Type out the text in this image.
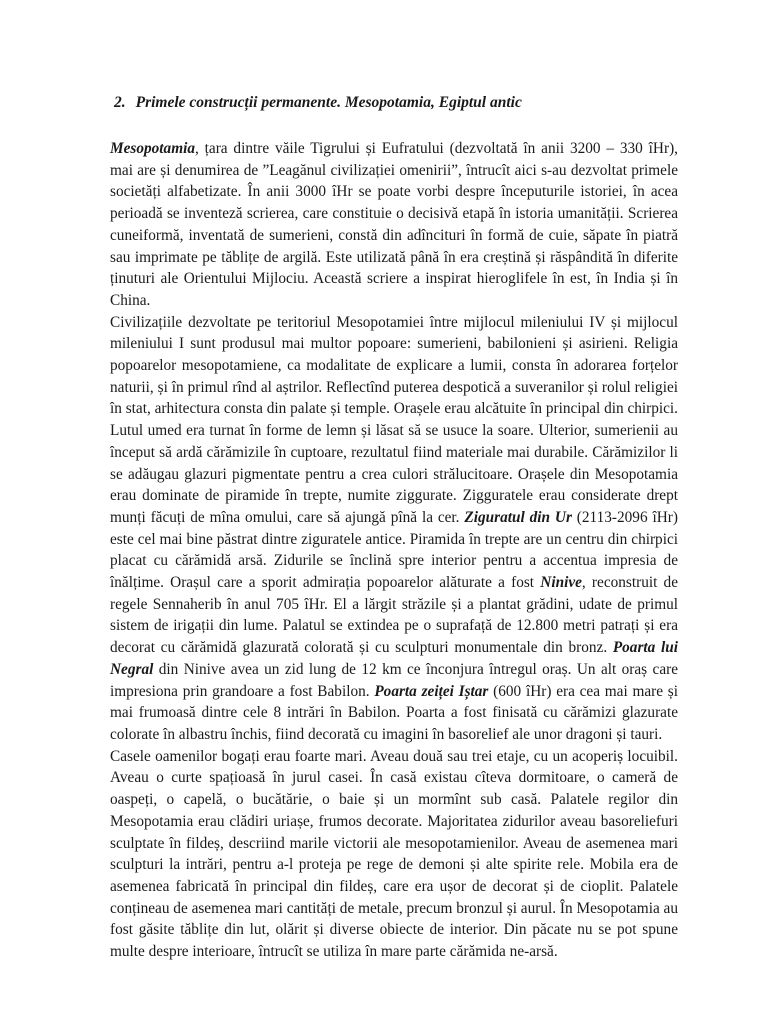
2. Primele construcții permanente. Mesopotamia, Egiptul antic

Mesopotamia, țara dintre văile Tigrului și Eufratului (dezvoltată în anii 3200 – 330 îHr), mai are și denumirea de ”Leagănul civilizației omenirii”, întrucît aici s-au dezvoltat primele societăți alfabetizate. În anii 3000 îHr se poate vorbi despre începuturile istoriei, în acea perioadă se inventeză scrierea, care constituie o decisivă etapă în istoria umanității. Scrierea cuneiformă, inventată de sumerieni, constă din adîncituri în formă de cuie, săpate în piatră sau imprimate pe tăblițe de argilă. Este utilizată până în era creștină și răspândită în diferite ținuturi ale Orientului Mijlociu. Această scriere a inspirat hieroglifele în est, în India și în China.

Civilizațiile dezvoltate pe teritoriul Mesopotamiei între mijlocul mileniului IV și mijlocul mileniului I sunt produsul mai multor popoare: sumerieni, babilonieni și asirieni. Religia popoarelor mesopotamiene, ca modalitate de explicare a lumii, consta în adorarea forțelor naturii, și în primul rînd al aștrilor. Reflectînd puterea despotică a suveranilor și rolul religiei în stat, arhitectura consta din palate și temple. Orașele erau alcătuite în principal din chirpici. Lutul umed era turnat în forme de lemn și lăsat să se usuce la soare. Ulterior, sumerienii au început să ardă cărămizile în cuptoare, rezultatul fiind materiale mai durabile. Cărămizilor li se adăugau glazuri pigmentate pentru a crea culori strălucitoare. Orașele din Mesopotamia erau dominate de piramide în trepte, numite ziggurate. Zigguratele erau considerate drept munți făcuți de mîna omului, care să ajungă pînă la cer. Ziguratul din Ur (2113-2096 îHr) este cel mai bine păstrat dintre ziguratele antice. Piramida în trepte are un centru din chirpici placat cu cărămidă arsă. Zidurile se înclină spre interior pentru a accentua impresia de înălțime. Orașul care a sporit admirația popoarelor alăturate a fost Ninive, reconstruit de regele Sennaherib în anul 705 îHr. El a lărgit străzile și a plantat grădini, udate de primul sistem de irigații din lume. Palatul se extindea pe o suprafață de 12.800 metri patrați și era decorat cu cărămidă glazurată colorată și cu sculpturi monumentale din bronz. Poarta lui Negral din Ninive avea un zid lung de 12 km ce înconjura întregul oraș. Un alt oraș care impresiona prin grandoare a fost Babilon. Poarta zeiței Iștar (600 îHr) era cea mai mare și mai frumoasă dintre cele 8 intrări în Babilon. Poarta a fost finisată cu cărămizi glazurate colorate în albastru închis, fiind decorată cu imagini în basorelief ale unor dragoni și tauri.

Casele oamenilor bogați erau foarte mari. Aveau două sau trei etaje, cu un acoperiș locuibil. Aveau o curte spațioasă în jurul casei. În casă existau cîteva dormitoare, o cameră de oaspeți, o capelă, o bucătărie, o baie și un mormînt sub casă. Palatele regilor din Mesopotamia erau clădiri uriașe, frumos decorate. Majoritatea zidurilor aveau basoreliefuri sculptate în fildeș, descriind marile victorii ale mesopotamienilor. Aveau de asemenea mari sculpturi la intrări, pentru a-l proteja pe rege de demoni și alte spirite rele. Mobila era de asemenea fabricată în principal din fildeș, care era ușor de decorat și de cioplit. Palatele conțineau de asemenea mari cantități de metale, precum bronzul și aurul. În Mesopotamia au fost găsite tăblițe din lut, olărit și diverse obiecte de interior. Din păcate nu se pot spune multe despre interioare, întrucît se utiliza în mare parte cărămida ne-arsă.
